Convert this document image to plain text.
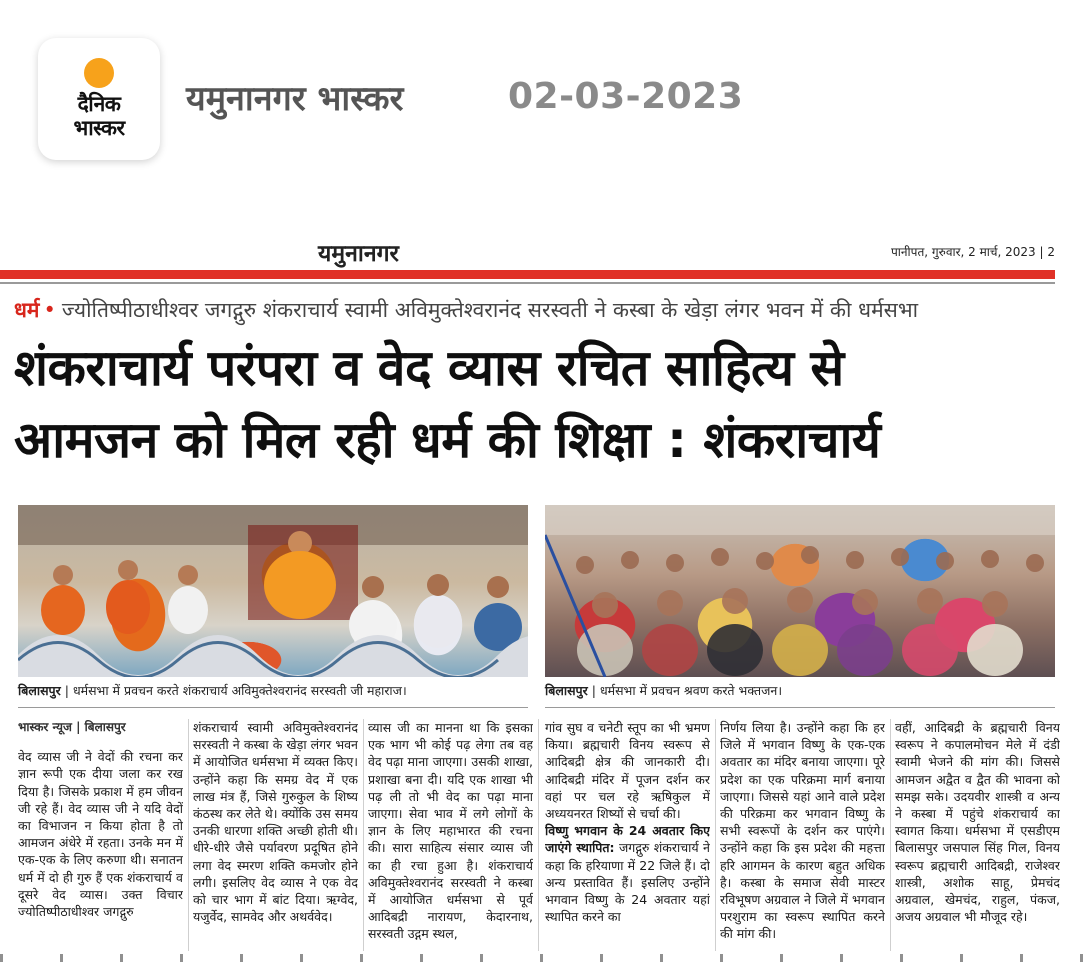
दैनिक
भास्कर
यमुनानगर भास्कर	02-03-2023
यमुनानगर	पानीपत, गुरुवार, 2 मार्च, 2023 | 2
धर्म • ज्योतिष्पीठाधीश्वर जगद्गुरु शंकराचार्य स्वामी अविमुक्तेश्वरानंद सरस्वती ने कस्बा के खेड़ा लंगर भवन में की धर्मसभा
शंकराचार्य परंपरा व वेद व्यास रचित साहित्य से
आमजन को मिल रही धर्म की शिक्षा : शंकराचार्य
बिलासपुर | धर्मसभा में प्रवचन करते शंकराचार्य अविमुक्तेश्वरानंद सरस्वती जी महाराज।	बिलासपुर | धर्मसभा में प्रवचन श्रवण करते भक्तजन।

भास्कर न्यूज | बिलासपुर

वेद व्यास जी ने वेदों की रचना कर ज्ञान रूपी एक दीया जला कर रख दिया है। जिसके प्रकाश में हम जीवन जी रहे हैं। वेद व्यास जी ने यदि वेदों का विभाजन न किया होता है तो आमजन अंधेरे में रहता। उनके मन में एक-एक के लिए करुणा थी। सनातन धर्म में दो ही गुरु हैं एक शंकराचार्य व दूसरे वेद व्यास। उक्त विचार ज्योतिष्पीठाधीश्वर जगद्गुरु

शंकराचार्य स्वामी अविमुक्तेश्वरानंद सरस्वती ने कस्बा के खेड़ा लंगर भवन में आयोजित धर्मसभा में व्यक्त किए। उन्होंने कहा कि समग्र वेद में एक लाख मंत्र हैं, जिसे गुरुकुल के शिष्य कंठस्थ कर लेते थे। क्योंकि उस समय उनकी धारणा शक्ति अच्छी होती थी। धीरे-धीरे जैसे पर्यावरण प्रदूषित होने लगा वेद स्मरण शक्ति कमजोर होने लगी। इसलिए वेद व्यास ने एक वेद को चार भाग में बांट दिया। ऋग्वेद, यजुर्वेद, सामवेद और अथर्ववेद।

व्यास जी का मानना था कि इसका एक भाग भी कोई पढ़ लेगा तब वह वेद पढ़ा माना जाएगा। उसकी शाखा, प्रशाखा बना दी। यदि एक शाखा भी पढ़ ली तो भी वेद का पढ़ा माना जाएगा। सेवा भाव में लगे लोगों के ज्ञान के लिए महाभारत की रचना की। सारा साहित्य संसार व्यास जी का ही रचा हुआ है। शंकराचार्य अविमुक्तेश्वरानंद सरस्वती ने कस्बा में आयोजित धर्मसभा से पूर्व आदिबद्री नारायण, केदारनाथ, सरस्वती उद्गम स्थल,

गांव सुघ व चनेटी स्तूप का भी भ्रमण किया। ब्रह्मचारी विनय स्वरूप से आदिबद्री क्षेत्र की जानकारी दी। आदिबद्री मंदिर में पूजन दर्शन कर वहां पर चल रहे ऋषिकुल में अध्ययनरत शिष्यों से चर्चा की।

विष्णु भगवान के 24 अवतार किए जाएंगे स्थापित: जगद्गुरु शंकराचार्य ने कहा कि हरियाणा में 22 जिले हैं। दो अन्य प्रस्तावित हैं। इसलिए उन्होंने भगवान विष्णु के 24 अवतार यहां स्थापित करने का

निर्णय लिया है। उन्होंने कहा कि हर जिले में भगवान विष्णु के एक-एक अवतार का मंदिर बनाया जाएगा। पूरे प्रदेश का एक परिक्रमा मार्ग बनाया जाएगा। जिससे यहां आने वाले प्रदेश की परिक्रमा कर भगवान विष्णु के सभी स्वरूपों के दर्शन कर पाएंगे। उन्होंने कहा कि इस प्रदेश की महत्ता हरि आगमन के कारण बहुत अधिक है। कस्बा के समाज सेवी मास्टर रविभूषण अग्रवाल ने जिले में भगवान परशुराम का स्वरूप स्थापित करने की मांग की।

वहीं, आदिबद्री के ब्रह्मचारी विनय स्वरूप ने कपालमोचन मेले में दंडी स्वामी भेजने की मांग की। जिससे आमजन अद्वैत व द्वैत की भावना को समझ सके। उदयवीर शास्त्री व अन्य ने कस्बा में पहुंचे शंकराचार्य का स्वागत किया। धर्मसभा में एसडीएम बिलासपुर जसपाल सिंह गिल, विनय स्वरूप ब्रह्मचारी आदिबद्री, राजेश्वर शास्त्री, अशोक साहू, प्रेमचंद अग्रवाल, खेमचंद, राहुल, पंकज, अजय अग्रवाल भी मौजूद रहे।
